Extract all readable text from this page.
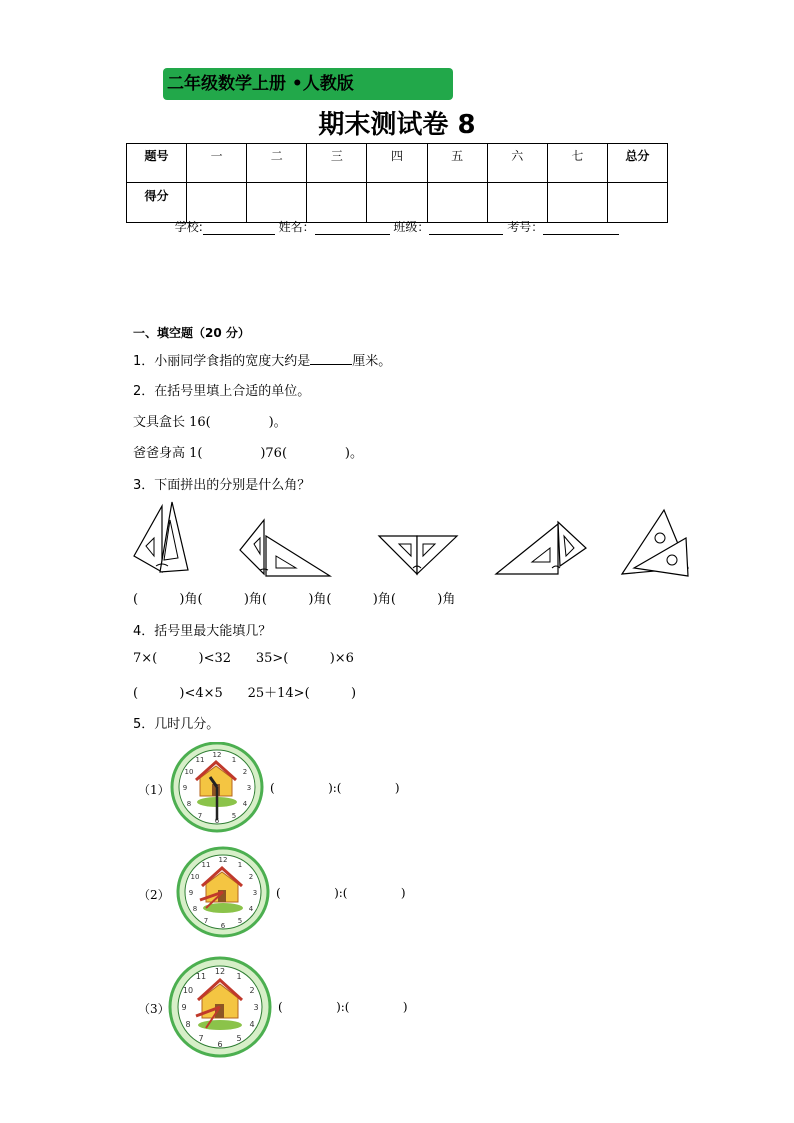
二年级数学上册 •人教版
期末测试卷 8
题号	一	二	三	四	五	六	七	总分
得分								
学校:	姓名：	班级：	考号：
一、填空题（20 分）
1．小丽同学食指的宽度大约是	厘米。
2．在括号里填上合适的单位。
文具盒长 16(              )。
爸爸身高 1(              )76(              )。
3．下面拼出的分别是什么角？
(          )角(          )角(          )角(          )角(          )角
4．括号里最大能填几？
7×(          )<32      35>(          )×6
(          )<4×5      25＋14>(          )
5．几时几分。
（1）
12
1
2
3
4
5
6
7
8
9
10
11
(              ):(              )
（2）
12
1
2
3
4
5
6
7
8
9
10
11
(              ):(              )
（3）
12
1
2
3
4
5
6
7
8
9
10
11
(              ):(              )
